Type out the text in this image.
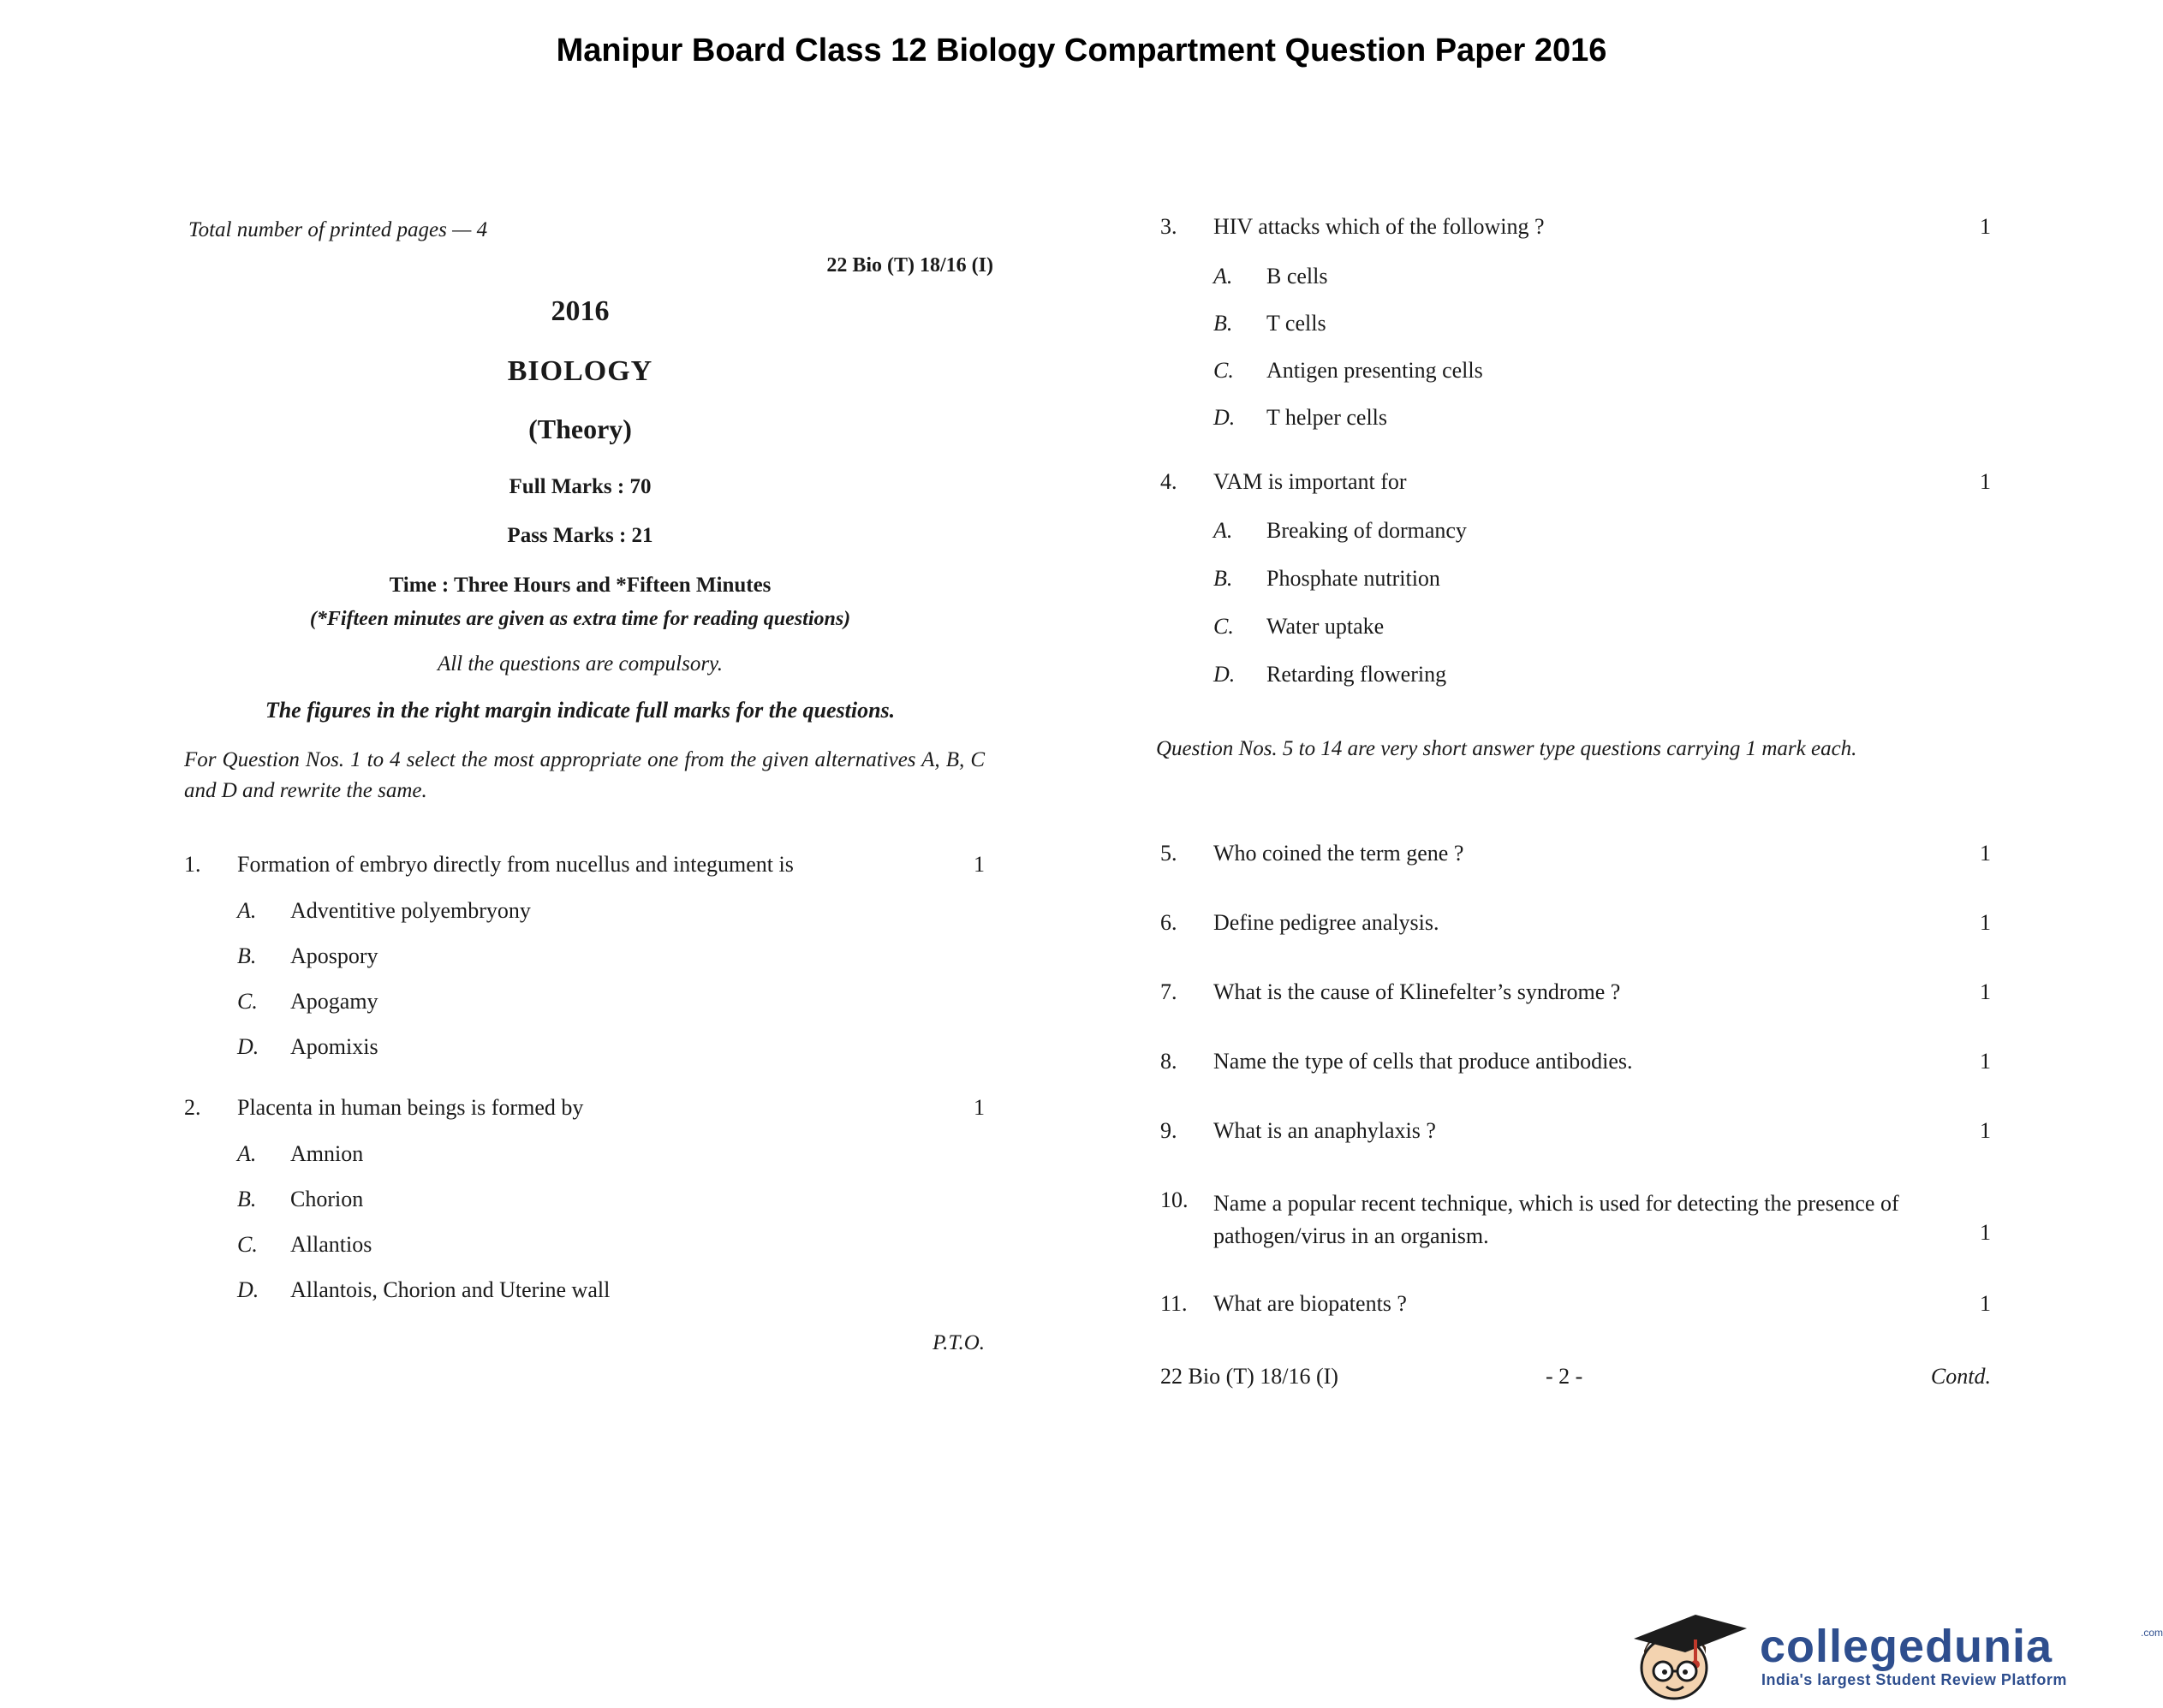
Manipur Board Class 12 Biology Compartment Question Paper 2016
Total number of printed pages — 4
22 Bio (T) 18/16 (I)
2016
BIOLOGY
(Theory)
Full Marks : 70
Pass Marks : 21
Time : Three Hours and *Fifteen Minutes
(*Fifteen minutes are given as extra time for reading questions)
All the questions are compulsory.
The figures in the right margin indicate full marks for the questions.
For Question Nos. 1 to 4 select the most appropriate one from the given alternatives A, B, C and D and rewrite the same.
1. Formation of embryo directly from nucellus and integument is	1
A. Adventitive polyembryony
B. Apospory
C. Apogamy
D. Apomixis
2. Placenta in human beings is formed by	1
A. Amnion
B. Chorion
C. Allantios
D. Allantois, Chorion and Uterine wall
P.T.O.
3. HIV attacks which of the following ?	1
A. B cells
B. T cells
C. Antigen presenting cells
D. T helper cells
4. VAM is important for	1
A. Breaking of dormancy
B. Phosphate nutrition
C. Water uptake
D. Retarding flowering
Question Nos. 5 to 14 are very short answer type questions carrying 1 mark each.
5. Who coined the term gene ?	1
6. Define pedigree analysis.	1
7. What is the cause of Klinefelter’s syndrome ?	1
8. Name the type of cells that produce antibodies.	1
9. What is an anaphylaxis ?	1
10. Name a popular recent technique, which is used for detecting the presence of pathogen/virus in an organism.	1
11. What are biopatents ?	1
22 Bio (T) 18/16 (I)	- 2 -	Contd.
collegedunia	.com
India's largest Student Review Platform
